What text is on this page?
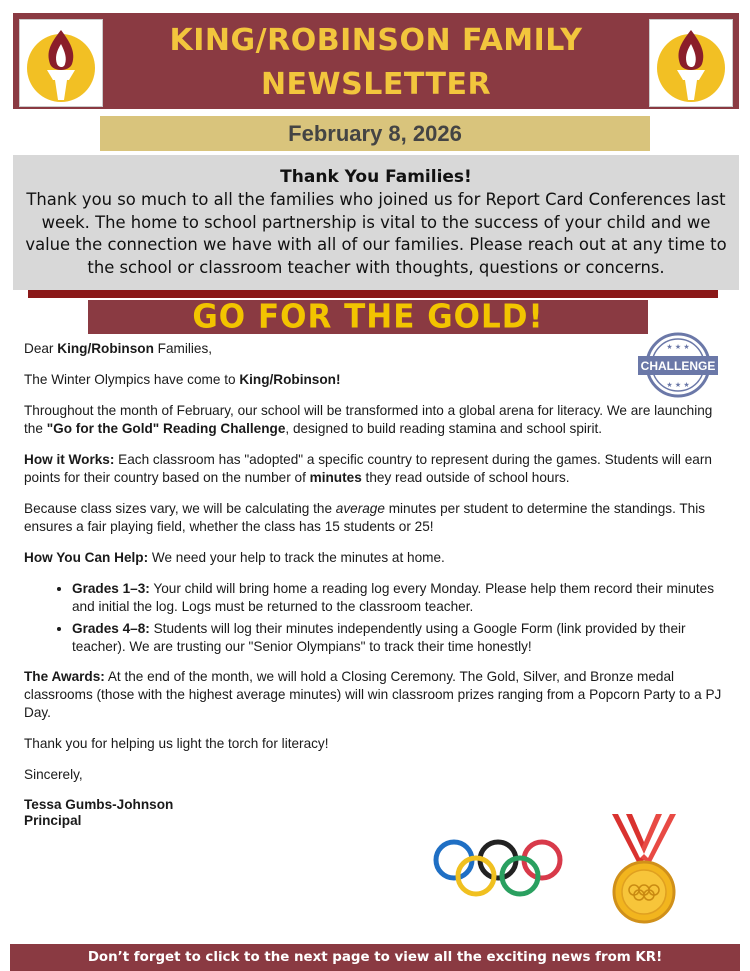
KING/ROBINSON FAMILY
NEWSLETTER
February 8, 2026
Thank You Families!

Thank you so much to all the families who joined us for Report Card Conferences last week. The home to school partnership is vital to the success of your child and we value the connection we have with all of our families. Please reach out at any time to the school or classroom teacher with thoughts, questions or concerns.

GO FOR THE GOLD!
CHALLENGE
★ ★ ★
★ ★ ★

Dear King/Robinson Families,

The Winter Olympics have come to King/Robinson!

Throughout the month of February, our school will be transformed into a global arena for literacy. We are launching the "Go for the Gold" Reading Challenge, designed to build reading stamina and school spirit.

How it Works: Each classroom has "adopted" a specific country to represent during the games. Students will earn points for their country based on the number of minutes they read outside of school hours.

Because class sizes vary, we will be calculating the average minutes per student to determine the standings. This ensures a fair playing field, whether the class has 15 students or 25!

How You Can Help: We need your help to track the minutes at home.

• Grades 1–3: Your child will bring home a reading log every Monday. Please help them record their minutes and initial the log. Logs must be returned to the classroom teacher.
• Grades 4–8: Students will log their minutes independently using a Google Form (link provided by their teacher). We are trusting our "Senior Olympians" to track their time honestly!

The Awards: At the end of the month, we will hold a Closing Ceremony. The Gold, Silver, and Bronze medal classrooms (those with the highest average minutes) will win classroom prizes ranging from a Popcorn Party to a PJ Day.

Thank you for helping us light the torch for literacy!

Sincerely,

Tessa Gumbs-Johnson
Principal
Don’t forget to click to the next page to view all the exciting news from KR!
